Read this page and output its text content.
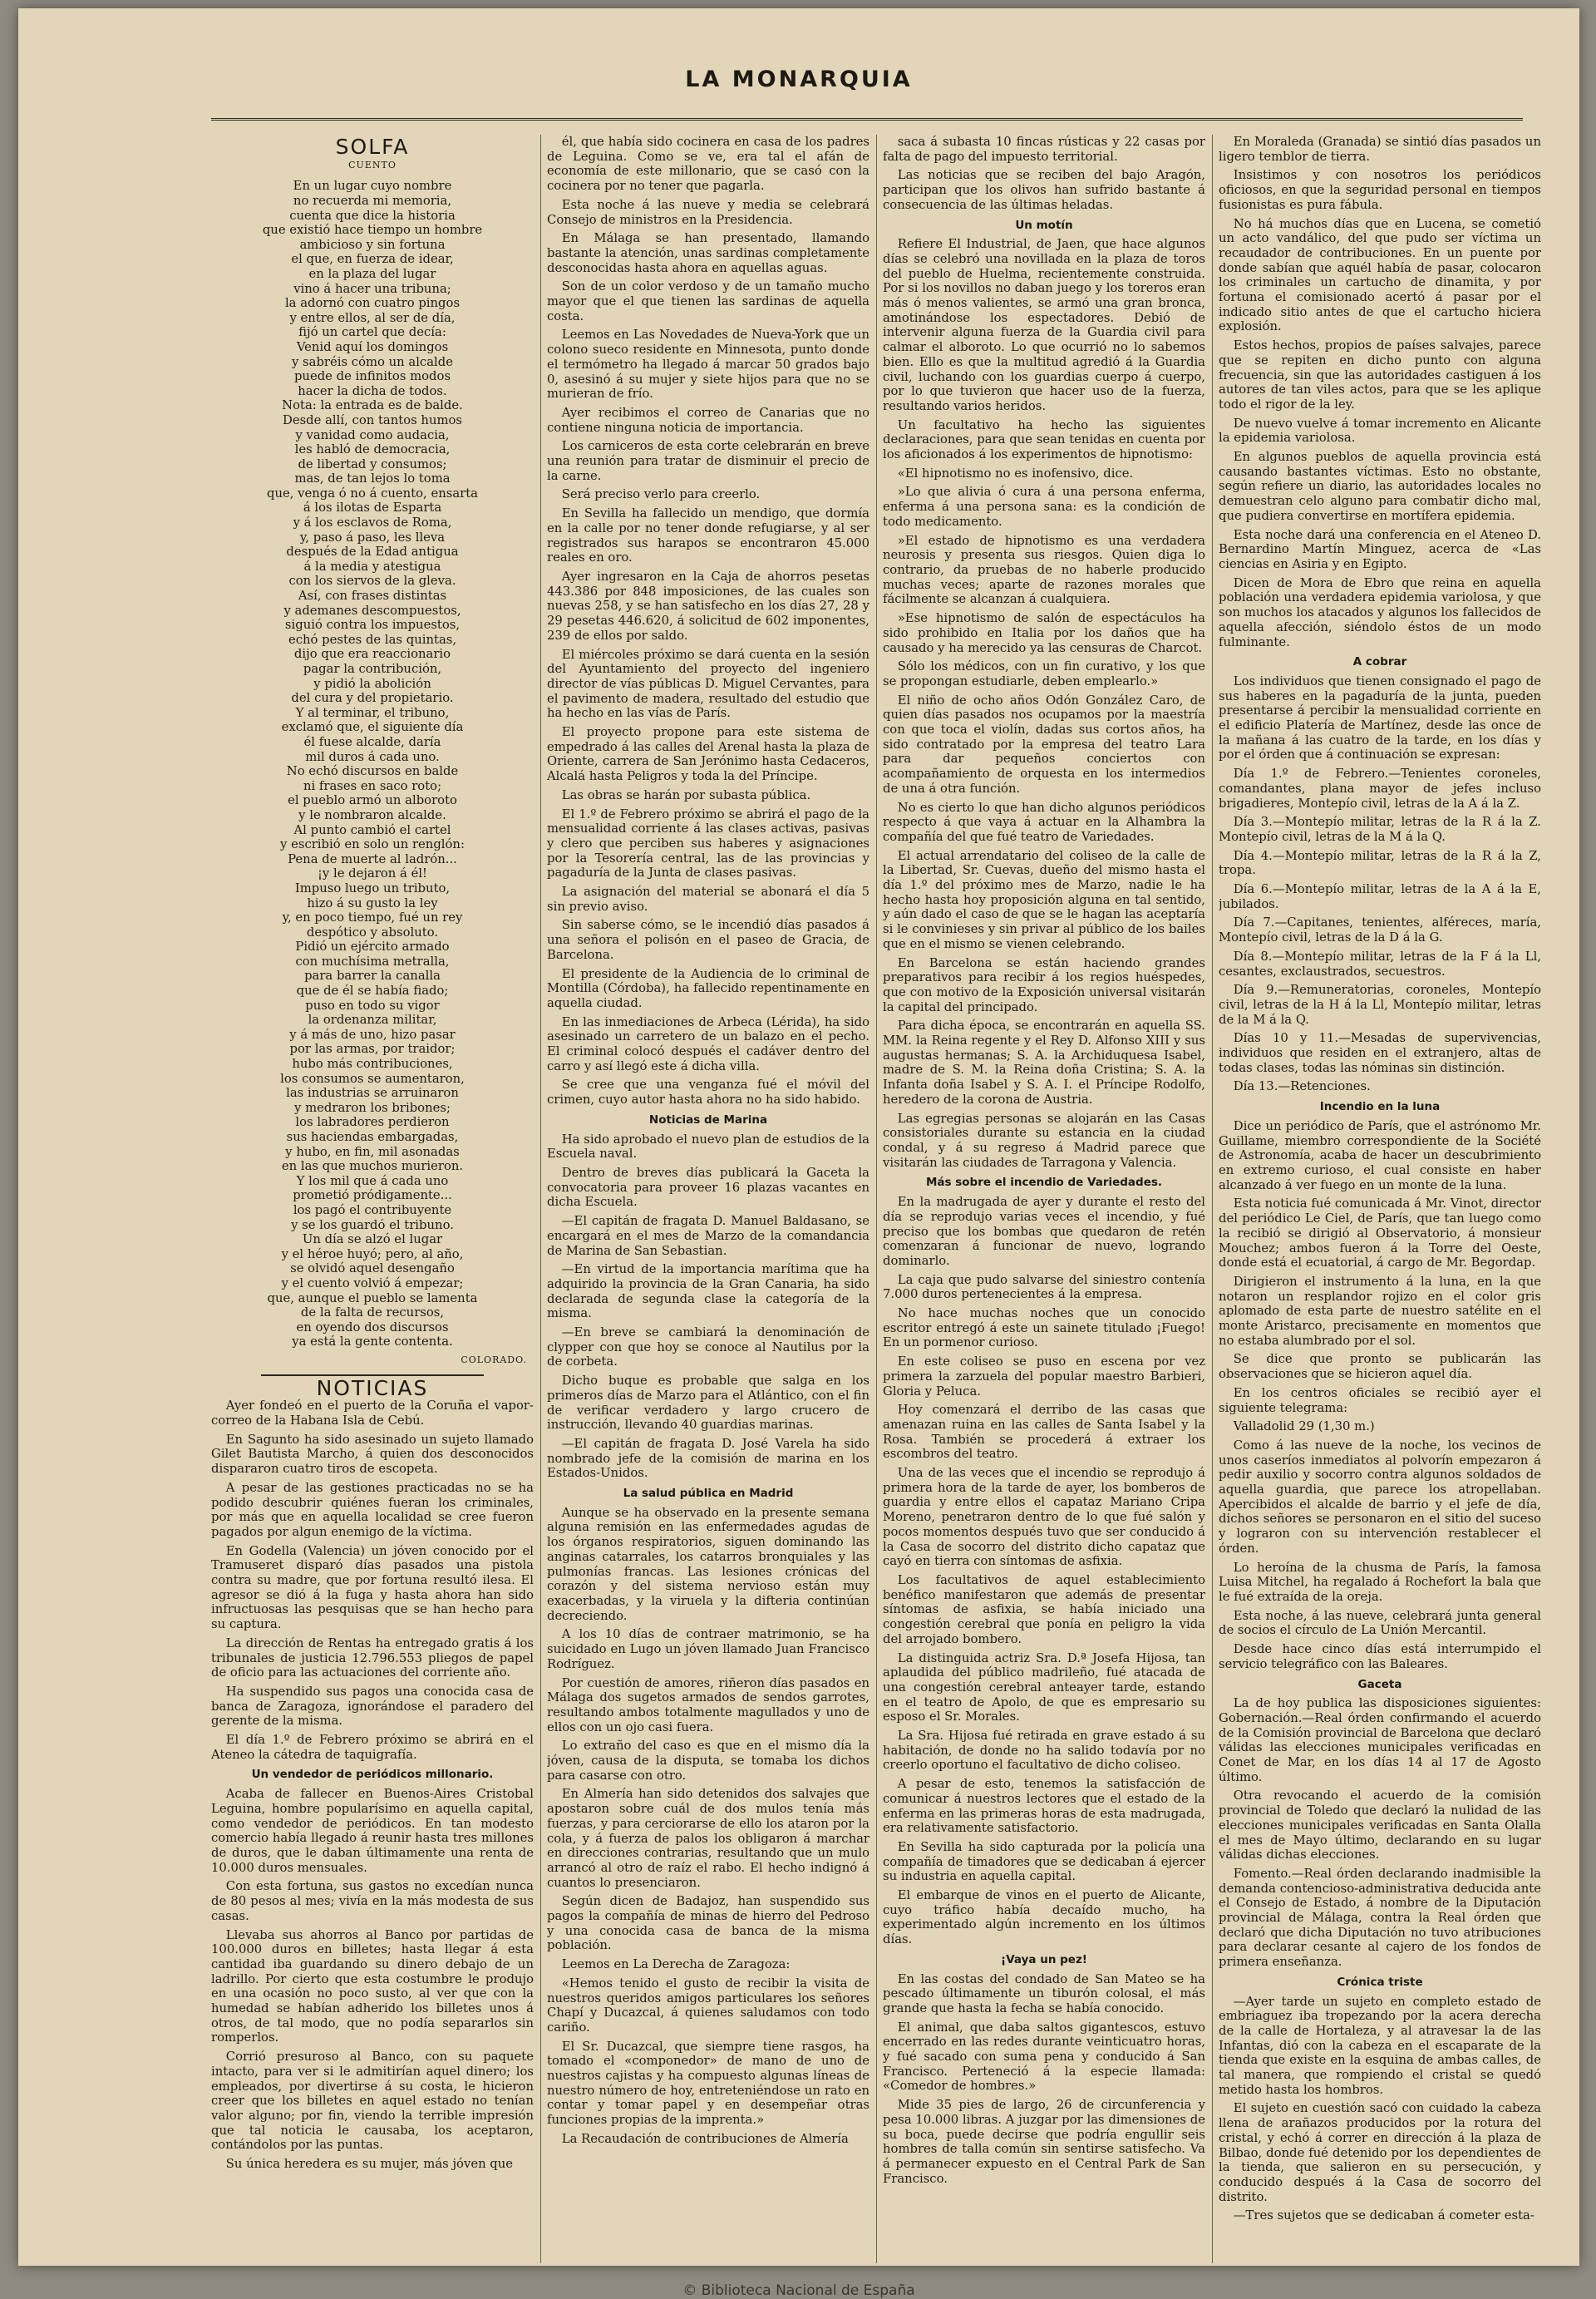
LA MONARQUIA
SOLFA
CUENTO
En un lugar cuyo nombre
no recuerda mi memoria,
cuenta que dice la historia
que existió hace tiempo un hombre
ambicioso y sin fortuna
el que, en fuerza de idear,
en la plaza del lugar
vino á hacer una tribuna;
la adornó con cuatro pingos
y entre ellos, al ser de día,
fijó un cartel que decía:
Venid aquí los domingos
y sabréis cómo un alcalde
puede de infinitos modos
hacer la dicha de todos.
Nota: la entrada es de balde.
Desde allí, con tantos humos
y vanidad como audacia,
les habló de democracia,
de libertad y consumos;
mas, de tan lejos lo toma
que, venga ó no á cuento, ensarta
á los ilotas de Esparta
y á los esclavos de Roma,
y, paso á paso, les lleva
después de la Edad antigua
á la media y atestigua
con los siervos de la gleva.
Así, con frases distintas
y ademanes descompuestos,
siguió contra los impuestos,
echó pestes de las quintas,
dijo que era reaccionario
pagar la contribución,
y pidió la abolición
del cura y del propietario.
Y al terminar, el tribuno,
exclamó que, el siguiente día
él fuese alcalde, daría
mil duros á cada uno.
No echó discursos en balde
ni frases en saco roto;
el pueblo armó un alboroto
y le nombraron alcalde.
Al punto cambió el cartel
y escribió en solo un renglón:
Pena de muerte al ladrón...
¡y le dejaron á él!
Impuso luego un tributo,
hizo á su gusto la ley
y, en poco tiempo, fué un rey
despótico y absoluto.
Pidió un ejército armado
con muchísima metralla,
para barrer la canalla
que de él se había fiado;
puso en todo su vigor
la ordenanza militar,
y á más de uno, hizo pasar
por las armas, por traidor;
hubo más contribuciones,
los consumos se aumentaron,
las industrias se arruinaron
y medraron los bribones;
los labradores perdieron
sus haciendas embargadas,
y hubo, en fin, mil asonadas
en las que muchos murieron.
Y los mil que á cada uno
prometió pródigamente...
los pagó el contribuyente
y se los guardó el tribuno.
Un día se alzó el lugar
y el héroe huyó; pero, al año,
se olvidó aquel desengaño
y el cuento volvió á empezar;
que, aunque el pueblo se lamenta
de la falta de recursos,
en oyendo dos discursos
ya está la gente contenta.
COLORADO.
NOTICIAS

Ayer fondeó en el puerto de la Coruña el vapor-correo de la Habana Isla de Cebú.

En Sagunto ha sido asesinado un sujeto llamado Gilet Bautista Marcho, á quien dos desconocidos dispararon cuatro tiros de escopeta.

A pesar de las gestiones practicadas no se ha podido descubrir quiénes fueran los criminales, por más que en aquella localidad se cree fueron pagados por algun enemigo de la víctima.

En Godella (Valencia) un jóven conocido por el Tramuseret disparó días pasados una pistola contra su madre, que por fortuna resultó ilesa. El agresor se dió á la fuga y hasta ahora han sido infructuosas las pesquisas que se han hecho para su captura.

La dirección de Rentas ha entregado gratis á los tribunales de justicia 12.796.553 pliegos de papel de oficio para las actuaciones del corriente año.

Ha suspendido sus pagos una conocida casa de banca de Zaragoza, ignorándose el paradero del gerente de la misma.

El día 1.º de Febrero próximo se abrirá en el Ateneo la cátedra de taquigrafía.

Un vendedor de periódicos millonario.

Acaba de fallecer en Buenos-Aires Cristobal Leguina, hombre popularísimo en aquella capital, como vendedor de periódicos. En tan modesto comercio había llegado á reunir hasta tres millones de duros, que le daban últimamente una renta de 10.000 duros mensuales.

Con esta fortuna, sus gastos no excedían nunca de 80 pesos al mes; vivía en la más modesta de sus casas.

Llevaba sus ahorros al Banco por partidas de 100.000 duros en billetes; hasta llegar á esta cantidad iba guardando su dinero debajo de un ladrillo. Por cierto que esta costumbre le produjo en una ocasión no poco susto, al ver que con la humedad se habían adherido los billetes unos á otros, de tal modo, que no podía separarlos sin romperlos.

Corrió presuroso al Banco, con su paquete intacto, para ver si le admitirían aquel dinero; los empleados, por divertirse á su costa, le hicieron creer que los billetes en aquel estado no tenían valor alguno; por fin, viendo la terrible impresión que tal noticia le causaba, los aceptaron, contándolos por las puntas.

Su única heredera es su mujer, más jóven que

él, que había sido cocinera en casa de los padres de Leguina. Como se ve, era tal el afán de economía de este millonario, que se casó con la cocinera por no tener que pagarla.

Esta noche á las nueve y media se celebrará Consejo de ministros en la Presidencia.

En Málaga se han presentado, llamando bastante la atención, unas sardinas completamente desconocidas hasta ahora en aquellas aguas.

Son de un color verdoso y de un tamaño mucho mayor que el que tienen las sardinas de aquella costa.

Leemos en Las Novedades de Nueva-York que un colono sueco residente en Minnesota, punto donde el termómetro ha llegado á marcar 50 grados bajo 0, asesinó á su mujer y siete hijos para que no se murieran de frío.

Ayer recibimos el correo de Canarias que no contiene ninguna noticia de importancia.

Los carniceros de esta corte celebrarán en breve una reunión para tratar de disminuir el precio de la carne.

Será preciso verlo para creerlo.

En Sevilla ha fallecido un mendigo, que dormía en la calle por no tener donde refugiarse, y al ser registrados sus harapos se encontraron 45.000 reales en oro.

Ayer ingresaron en la Caja de ahorros pesetas 443.386 por 848 imposiciones, de las cuales son nuevas 258, y se han satisfecho en los días 27, 28 y 29 pesetas 446.620, á solicitud de 602 imponentes, 239 de ellos por saldo.

El miércoles próximo se dará cuenta en la sesión del Ayuntamiento del proyecto del ingeniero director de vías públicas D. Miguel Cervantes, para el pavimento de madera, resultado del estudio que ha hecho en las vías de París.

El proyecto propone para este sistema de empedrado á las calles del Arenal hasta la plaza de Oriente, carrera de San Jerónimo hasta Cedaceros, Alcalá hasta Peligros y toda la del Príncipe.

Las obras se harán por subasta pública.

El 1.º de Febrero próximo se abrirá el pago de la mensualidad corriente á las clases activas, pasivas y clero que perciben sus haberes y asignaciones por la Tesorería central, las de las provincias y pagaduría de la Junta de clases pasivas.

La asignación del material se abonará el día 5 sin previo aviso.

Sin saberse cómo, se le incendió días pasados á una señora el polisón en el paseo de Gracia, de Barcelona.

El presidente de la Audiencia de lo criminal de Montilla (Córdoba), ha fallecido repentinamente en aquella ciudad.

En las inmediaciones de Arbeca (Lérida), ha sido asesinado un carretero de un balazo en el pecho. El criminal colocó después el cadáver dentro del carro y así llegó este á dicha villa.

Se cree que una venganza fué el móvil del crimen, cuyo autor hasta ahora no ha sido habido.

Noticias de Marina

Ha sido aprobado el nuevo plan de estudios de la Escuela naval.

Dentro de breves días publicará la Gaceta la convocatoria para proveer 16 plazas vacantes en dicha Escuela.

—El capitán de fragata D. Manuel Baldasano, se encargará en el mes de Marzo de la comandancia de Marina de San Sebastian.

—En virtud de la importancia marítima que ha adquirido la provincia de la Gran Canaria, ha sido declarada de segunda clase la categoría de la misma.

—En breve se cambiará la denominación de clypper con que hoy se conoce al Nautilus por la de corbeta.

Dicho buque es probable que salga en los primeros días de Marzo para el Atlántico, con el fin de verificar verdadero y largo crucero de instrucción, llevando 40 guardias marinas.

—El capitán de fragata D. José Varela ha sido nombrado jefe de la comisión de marina en los Estados-Unidos.

La salud pública en Madrid

Aunque se ha observado en la presente semana alguna remisión en las enfermedades agudas de los órganos respiratorios, siguen dominando las anginas catarrales, los catarros bronquiales y las pulmonías francas. Las lesiones crónicas del corazón y del sistema nervioso están muy exacerbadas, y la viruela y la difteria continúan decreciendo.

A los 10 días de contraer matrimonio, se ha suicidado en Lugo un jóven llamado Juan Francisco Rodríguez.

Por cuestión de amores, riñeron días pasados en Málaga dos sugetos armados de sendos garrotes, resultando ambos totalmente magullados y uno de ellos con un ojo casi fuera.

Lo extraño del caso es que en el mismo día la jóven, causa de la disputa, se tomaba los dichos para casarse con otro.

En Almería han sido detenidos dos salvajes que apostaron sobre cuál de dos mulos tenía más fuerzas, y para cerciorarse de ello los ataron por la cola, y á fuerza de palos los obligaron á marchar en direcciones contrarias, resultando que un mulo arrancó al otro de raíz el rabo. El hecho indignó á cuantos lo presenciaron.

Según dicen de Badajoz, han suspendido sus pagos la compañía de minas de hierro del Pedroso y una conocida casa de banca de la misma población.

Leemos en La Derecha de Zaragoza:

«Hemos tenido el gusto de recibir la visita de nuestros queridos amigos particulares los señores Chapí y Ducazcal, á quienes saludamos con todo cariño.

El Sr. Ducazcal, que siempre tiene rasgos, ha tomado el «componedor» de mano de uno de nuestros cajistas y ha compuesto algunas líneas de nuestro número de hoy, entreteniéndose un rato en contar y tomar papel y en desempeñar otras funciones propias de la imprenta.»

La Recaudación de contribuciones de Almería

saca á subasta 10 fincas rústicas y 22 casas por falta de pago del impuesto territorial.

Las noticias que se reciben del bajo Aragón, participan que los olivos han sufrido bastante á consecuencia de las últimas heladas.

Un motín

Refiere El Industrial, de Jaen, que hace algunos días se celebró una novillada en la plaza de toros del pueblo de Huelma, recientemente construida. Por si los novillos no daban juego y los toreros eran más ó menos valientes, se armó una gran bronca, amotinándose los espectadores. Debió de intervenir alguna fuerza de la Guardia civil para calmar el alboroto. Lo que ocurrió no lo sabemos bien. Ello es que la multitud agredió á la Guardia civil, luchando con los guardias cuerpo á cuerpo, por lo que tuvieron que hacer uso de la fuerza, resultando varios heridos.

Un facultativo ha hecho las siguientes declaraciones, para que sean tenidas en cuenta por los aficionados á los experimentos de hipnotismo:

«El hipnotismo no es inofensivo, dice.

»Lo que alivia ó cura á una persona enferma, enferma á una persona sana: es la condición de todo medicamento.

»El estado de hipnotismo es una verdadera neurosis y presenta sus riesgos. Quien diga lo contrario, da pruebas de no haberle producido muchas veces; aparte de razones morales que fácilmente se alcanzan á cualquiera.

»Ese hipnotismo de salón de espectáculos ha sido prohibido en Italia por los daños que ha causado y ha merecido ya las censuras de Charcot.

Sólo los médicos, con un fin curativo, y los que se propongan estudiarle, deben emplearlo.»

El niño de ocho años Odón González Caro, de quien días pasados nos ocupamos por la maestría con que toca el violín, dadas sus cortos años, ha sido contratado por la empresa del teatro Lara para dar pequeños conciertos con acompañamiento de orquesta en los intermedios de una á otra función.

No es cierto lo que han dicho algunos periódicos respecto á que vaya á actuar en la Alhambra la compañía del que fué teatro de Variedades.

El actual arrendatario del coliseo de la calle de la Libertad, Sr. Cuevas, dueño del mismo hasta el día 1.º del próximo mes de Marzo, nadie le ha hecho hasta hoy proposición alguna en tal sentido, y aún dado el caso de que se le hagan las aceptaría si le convinieses y sin privar al público de los bailes que en el mismo se vienen celebrando.

En Barcelona se están haciendo grandes preparativos para recibir á los regios huéspedes, que con motivo de la Exposición universal visitarán la capital del principado.

Para dicha época, se encontrarán en aquella SS. MM. la Reina regente y el Rey D. Alfonso XIII y sus augustas hermanas; S. A. la Archiduquesa Isabel, madre de S. M. la Reina doña Cristina; S. A. la Infanta doña Isabel y S. A. I. el Príncipe Rodolfo, heredero de la corona de Austria.

Las egregias personas se alojarán en las Casas consistoriales durante su estancia en la ciudad condal, y á su regreso á Madrid parece que visitarán las ciudades de Tarragona y Valencia.

Más sobre el incendio de Variedades.

En la madrugada de ayer y durante el resto del día se reprodujo varias veces el incendio, y fué preciso que los bombas que quedaron de retén comenzaran á funcionar de nuevo, logrando dominarlo.

La caja que pudo salvarse del siniestro contenía 7.000 duros pertenecientes á la empresa.

No hace muchas noches que un conocido escritor entregó á este un sainete titulado ¡Fuego! En un pormenor curioso.

En este coliseo se puso en escena por vez primera la zarzuela del popular maestro Barbieri, Gloria y Peluca.

Hoy comenzará el derribo de las casas que amenazan ruina en las calles de Santa Isabel y la Rosa. También se procederá á extraer los escombros del teatro.

Una de las veces que el incendio se reprodujo á primera hora de la tarde de ayer, los bomberos de guardia y entre ellos el capataz Mariano Cripa Moreno, penetraron dentro de lo que fué salón y pocos momentos después tuvo que ser conducido á la Casa de socorro del distrito dicho capataz que cayó en tierra con síntomas de asfixia.

Los facultativos de aquel establecimiento benéfico manifestaron que además de presentar síntomas de asfixia, se había iniciado una congestión cerebral que ponía en peligro la vida del arrojado bombero.

La distinguida actriz Sra. D.ª Josefa Hijosa, tan aplaudida del público madrileño, fué atacada de una congestión cerebral anteayer tarde, estando en el teatro de Apolo, de que es empresario su esposo el Sr. Morales.

La Sra. Hijosa fué retirada en grave estado á su habitación, de donde no ha salido todavía por no creerlo oportuno el facultativo de dicho coliseo.

A pesar de esto, tenemos la satisfacción de comunicar á nuestros lectores que el estado de la enferma en las primeras horas de esta madrugada, era relativamente satisfactorio.

En Sevilla ha sido capturada por la policía una compañía de timadores que se dedicaban á ejercer su industria en aquella capital.

El embarque de vinos en el puerto de Alicante, cuyo tráfico había decaído mucho, ha experimentado algún incremento en los últimos días.

¡Vaya un pez!

En las costas del condado de San Mateo se ha pescado últimamente un tiburón colosal, el más grande que hasta la fecha se había conocido.

El animal, que daba saltos gigantescos, estuvo encerrado en las redes durante veinticuatro horas, y fué sacado con suma pena y conducido á San Francisco. Perteneció á la especie llamada: «Comedor de hombres.»

Mide 35 pies de largo, 26 de circunferencia y pesa 10.000 libras. A juzgar por las dimensiones de su boca, puede decirse que podría engullir seis hombres de talla común sin sentirse satisfecho. Va á permanecer expuesto en el Central Park de San Francisco.

En Moraleda (Granada) se sintió días pasados un ligero temblor de tierra.

Insistimos y con nosotros los periódicos oficiosos, en que la seguridad personal en tiempos fusionistas es pura fábula.

No há muchos días que en Lucena, se cometió un acto vandálico, del que pudo ser víctima un recaudador de contribuciones. En un puente por donde sabían que aquél había de pasar, colocaron los criminales un cartucho de dinamita, y por fortuna el comisionado acertó á pasar por el indicado sitio antes de que el cartucho hiciera explosión.

Estos hechos, propios de países salvajes, parece que se repiten en dicho punto con alguna frecuencia, sin que las autoridades castiguen á los autores de tan viles actos, para que se les aplique todo el rigor de la ley.

De nuevo vuelve á tomar incremento en Alicante la epidemia variolosa.

En algunos pueblos de aquella provincia está causando bastantes víctimas. Esto no obstante, según refiere un diario, las autoridades locales no demuestran celo alguno para combatir dicho mal, que pudiera convertirse en mortífera epidemia.

Esta noche dará una conferencia en el Ateneo D. Bernardino Martín Minguez, acerca de «Las ciencias en Asiria y en Egipto.

Dicen de Mora de Ebro que reina en aquella población una verdadera epidemia variolosa, y que son muchos los atacados y algunos los fallecidos de aquella afección, siéndolo éstos de un modo fulminante.

A cobrar

Los individuos que tienen consignado el pago de sus haberes en la pagaduría de la junta, pueden presentarse á percibir la mensualidad corriente en el edificio Platería de Martínez, desde las once de la mañana á las cuatro de la tarde, en los días y por el órden que á continuación se expresan:

Día 1.º de Febrero.—Tenientes coroneles, comandantes, plana mayor de jefes incluso brigadieres, Montepío civil, letras de la A á la Z.

Día 3.—Montepío militar, letras de la R á la Z. Montepío civil, letras de la M á la Q.

Día 4.—Montepío militar, letras de la R á la Z, tropa.

Día 6.—Montepío militar, letras de la A á la E, jubilados.

Día 7.—Capitanes, tenientes, alféreces, maría, Montepío civil, letras de la D á la G.

Día 8.—Montepío militar, letras de la F á la Ll, cesantes, exclaustrados, secuestros.

Día 9.—Remuneratorias, coroneles, Montepío civil, letras de la H á la Ll, Montepío militar, letras de la M á la Q.

Días 10 y 11.—Mesadas de supervivencias, individuos que residen en el extranjero, altas de todas clases, todas las nóminas sin distinción.

Día 13.—Retenciones.

Incendio en la luna

Dice un periódico de París, que el astrónomo Mr. Guillame, miembro correspondiente de la Société de Astronomía, acaba de hacer un descubrimiento en extremo curioso, el cual consiste en haber alcanzado á ver fuego en un monte de la luna.

Esta noticia fué comunicada á Mr. Vinot, director del periódico Le Ciel, de París, que tan luego como la recibió se dirigió al Observatorio, á monsieur Mouchez; ambos fueron á la Torre del Oeste, donde está el ecuatorial, á cargo de Mr. Begordap.

Dirigieron el instrumento á la luna, en la que notaron un resplandor rojizo en el color gris aplomado de esta parte de nuestro satélite en el monte Aristarco, precisamente en momentos que no estaba alumbrado por el sol.

Se dice que pronto se publicarán las observaciones que se hicieron aquel día.

En los centros oficiales se recibió ayer el siguiente telegrama:

Valladolid 29 (1,30 m.)

Como á las nueve de la noche, los vecinos de unos caseríos inmediatos al polvorín empezaron á pedir auxilio y socorro contra algunos soldados de aquella guardia, que parece los atropellaban. Apercibidos el alcalde de barrio y el jefe de día, dichos señores se personaron en el sitio del suceso y lograron con su intervención restablecer el órden.

Lo heroína de la chusma de París, la famosa Luisa Mitchel, ha regalado á Rochefort la bala que le fué extraída de la oreja.

Esta noche, á las nueve, celebrará junta general de socios el círculo de La Unión Mercantil.

Desde hace cinco días está interrumpido el servicio telegráfico con las Baleares.

Gaceta

La de hoy publica las disposiciones siguientes: Gobernación.—Real órden confirmando el acuerdo de la Comisión provincial de Barcelona que declaró válidas las elecciones municipales verificadas en Conet de Mar, en los días 14 al 17 de Agosto último.

Otra revocando el acuerdo de la comisión provincial de Toledo que declaró la nulidad de las elecciones municipales verificadas en Santa Olalla el mes de Mayo último, declarando en su lugar válidas dichas elecciones.

Fomento.—Real órden declarando inadmisible la demanda contencioso-administrativa deducida ante el Consejo de Estado, á nombre de la Diputación provincial de Málaga, contra la Real órden que declaró que dicha Diputación no tuvo atribuciones para declarar cesante al cajero de los fondos de primera enseñanza.

Crónica triste

—Ayer tarde un sujeto en completo estado de embriaguez iba tropezando por la acera derecha de la calle de Hortaleza, y al atravesar la de las Infantas, dió con la cabeza en el escaparate de la tienda que existe en la esquina de ambas calles, de tal manera, que rompiendo el cristal se quedó metido hasta los hombros.

El sujeto en cuestión sacó con cuidado la cabeza llena de arañazos producidos por la rotura del cristal, y echó á correr en dirección á la plaza de Bilbao, donde fué detenido por los dependientes de la tienda, que salieron en su persecución, y conducido después á la Casa de socorro del distrito.

—Tres sujetos que se dedicaban á cometer esta-

© Biblioteca Nacional de España
